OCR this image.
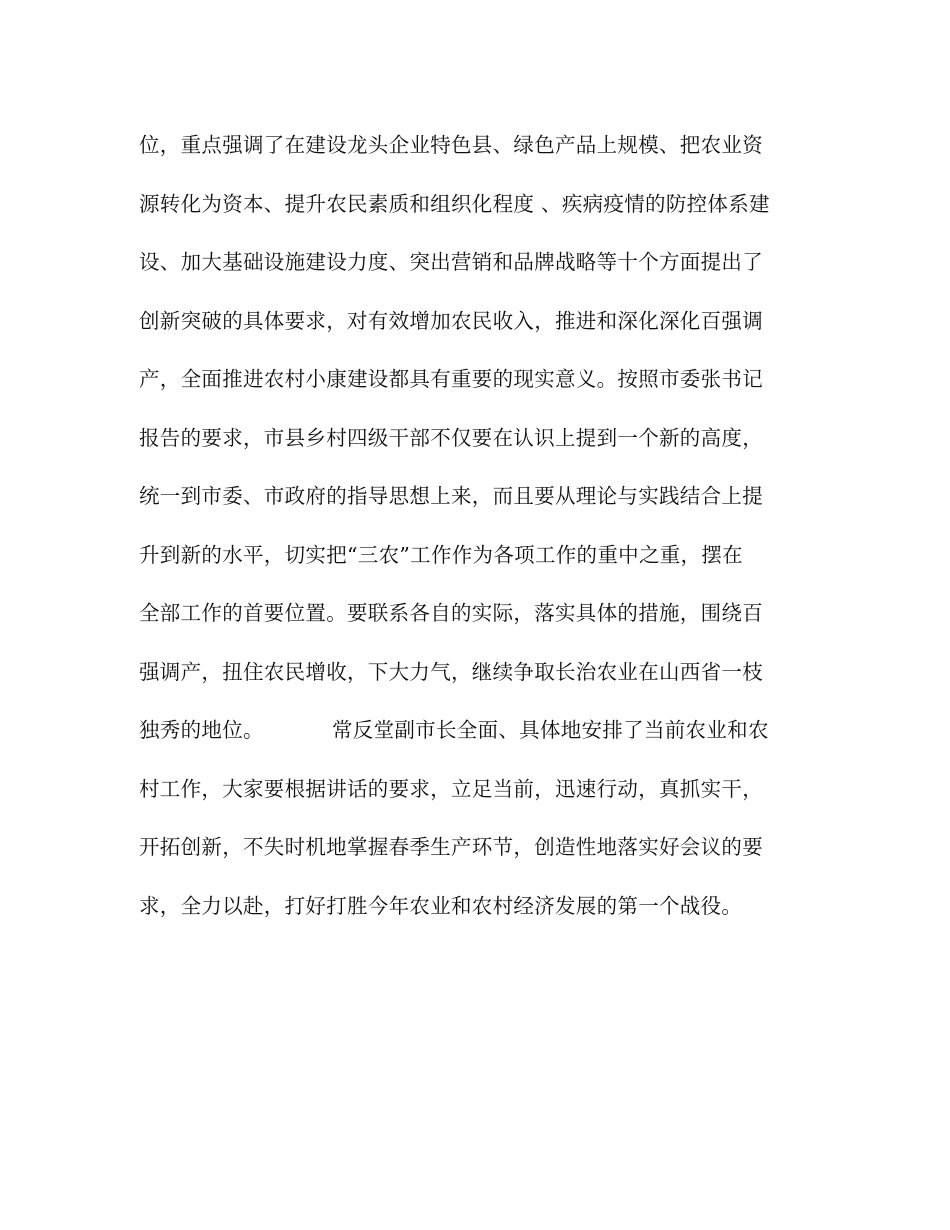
位，重点强调了在建设龙头企业特色县、绿色产品上规模、把农业资
源转化为资本、提升农民素质和组织化程度 、疾病疫情的防控体系建
设、加大基础设施建设力度、突出营销和品牌战略等十个方面提出了
创新突破的具体要求，对有效增加农民收入，推进和深化深化百强调
产，全面推进农村小康建设都具有重要的现实意义。按照市委张书记
报告的要求，市县乡村四级干部不仅要在认识上提到一个新的高度，
统一到市委、市政府的指导思想上来，而且要从理论与实践结合上提
升到新的水平，切实把“三农”工作作为各项工作的重中之重，摆在
全部工作的首要位置。要联系各自的实际，落实具体的措施，围绕百
强调产，扭住农民增收，下大力气，继续争取长治农业在山西省一枝
独秀的地位。          常反堂副市长全面、具体地安排了当前农业和农
村工作，大家要根据讲话的要求，立足当前，迅速行动，真抓实干，
开拓创新，不失时机地掌握春季生产环节，创造性地落实好会议的要
求，全力以赴，打好打胜今年农业和农村经济发展的第一个战役。
